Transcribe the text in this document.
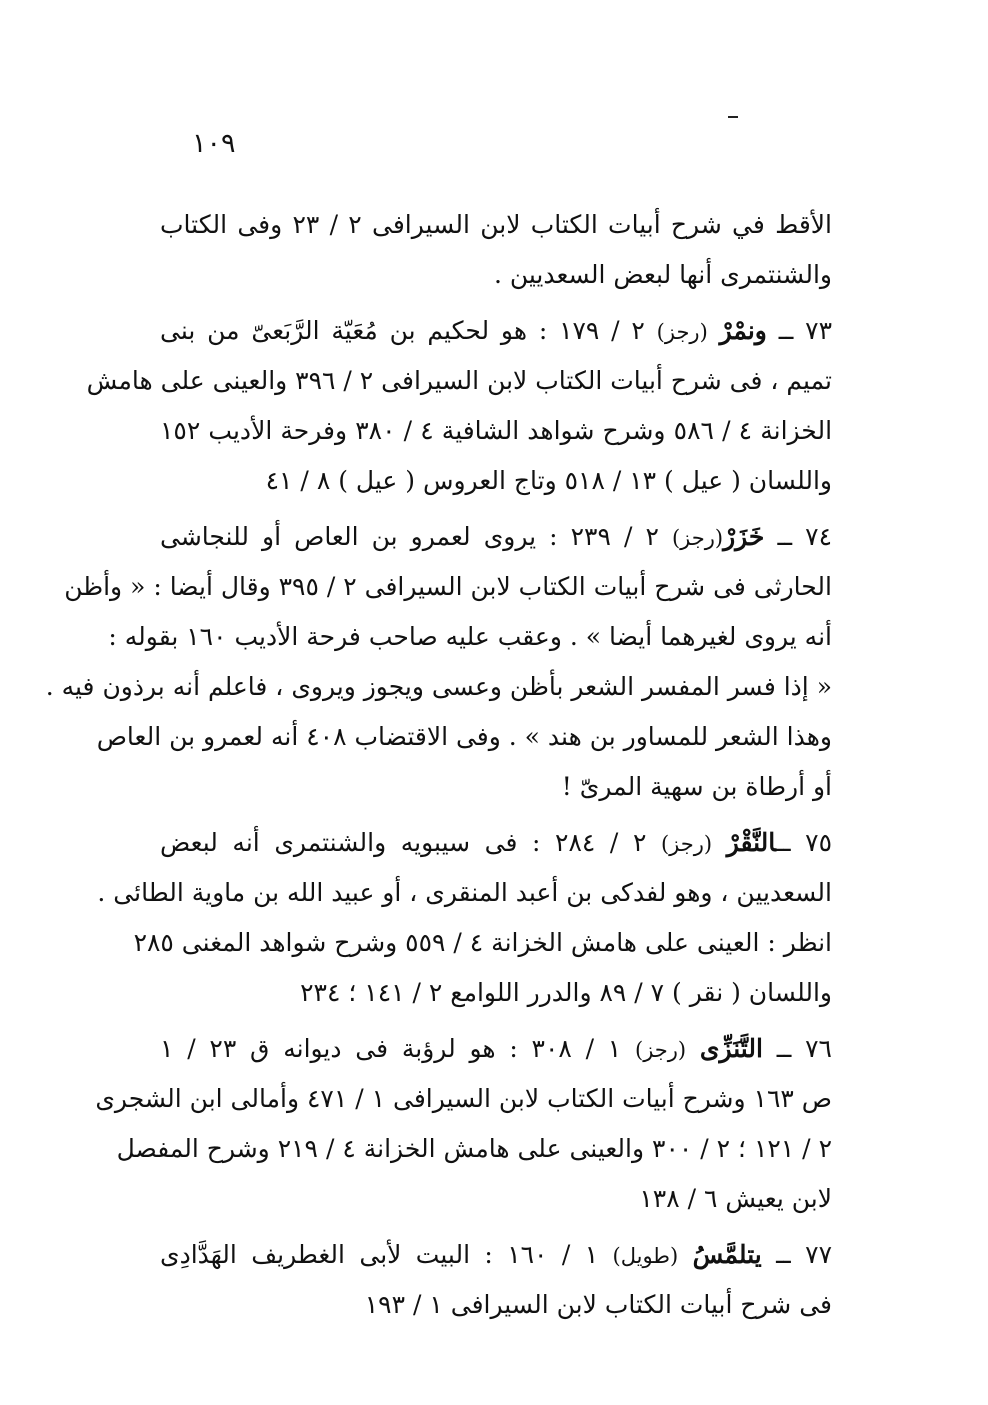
١٠٩
الأقط في شرح أبيات الكتاب لابن السيرافى ٢ / ٢٣ وفى الكتاب
والشنتمرى أنها لبعض السعديين .
٧٣ ــ ونمْرْ (رجز) ٢ / ١٧٩ : هو لحكيم بن مُعَيّة الرَّبَعىّ من بنى
تميم ، فى شرح أبيات الكتاب لابن السيرافى ٢ / ٣٩٦ والعينى على هامش
الخزانة ٤ / ٥٨٦ وشرح شواهد الشافية ٤ / ٣٨٠ وفرحة الأديب ١٥٢
واللسان ( عيل ) ١٣ / ٥١٨ وتاج العروس ( عيل ) ٨ / ٤١
٧٤ ــ خَزَرْ(رجز) ٢ / ٢٣٩ : يروى لعمرو بن العاص أو للنجاشى
الحارثى فى شرح أبيات الكتاب لابن السيرافى ٢ / ٣٩٥ وقال أيضا : « وأظن
أنه يروى لغيرهما أيضا » . وعقب عليه صاحب فرحة الأديب ١٦٠ بقوله :
« إذا فسر المفسر الشعر بأظن وعسى ويجوز ويروى ، فاعلم أنه برذون فيه .
وهذا الشعر للمساور بن هند » . وفى الاقتضاب ٤٠٨ أنه لعمرو بن العاص
أو أرطاة بن سهية المرىّ !
٧٥ ــالنَّقْرْ (رجز) ٢ / ٢٨٤ : فى سيبويه والشنتمرى أنه لبعض
السعديين ، وهو لفدكى بن أعبد المنقرى ، أو عبيد الله بن ماوية الطائى .
انظر : العينى على هامش الخزانة ٤ / ٥٥٩ وشرح شواهد المغنى ٢٨٥
واللسان ( نقر ) ٧ / ٨٩ والدرر اللوامع ٢ / ١٤١ ؛ ٢٣٤
٧٦ ــ التَّنَزِّى (رجز) ١ / ٣٠٨ : هو لرؤبة فى ديوانه ق ٢٣ / ١
ص ١٦٣ وشرح أبيات الكتاب لابن السيرافى ١ / ٤٧١ وأمالى ابن الشجرى
٢ / ١٢١ ؛ ٢ / ٣٠٠ والعينى على هامش الخزانة ٤ / ٢١٩ وشرح المفصل
لابن يعيش ٦ / ١٣٨
٧٧ ــ يتلمَّسُ (طويل) ١ / ١٦٠ : البيت لأبى الغطريف الهَدَّادِى
فى شرح أبيات الكتاب لابن السيرافى ١ / ١٩٣
